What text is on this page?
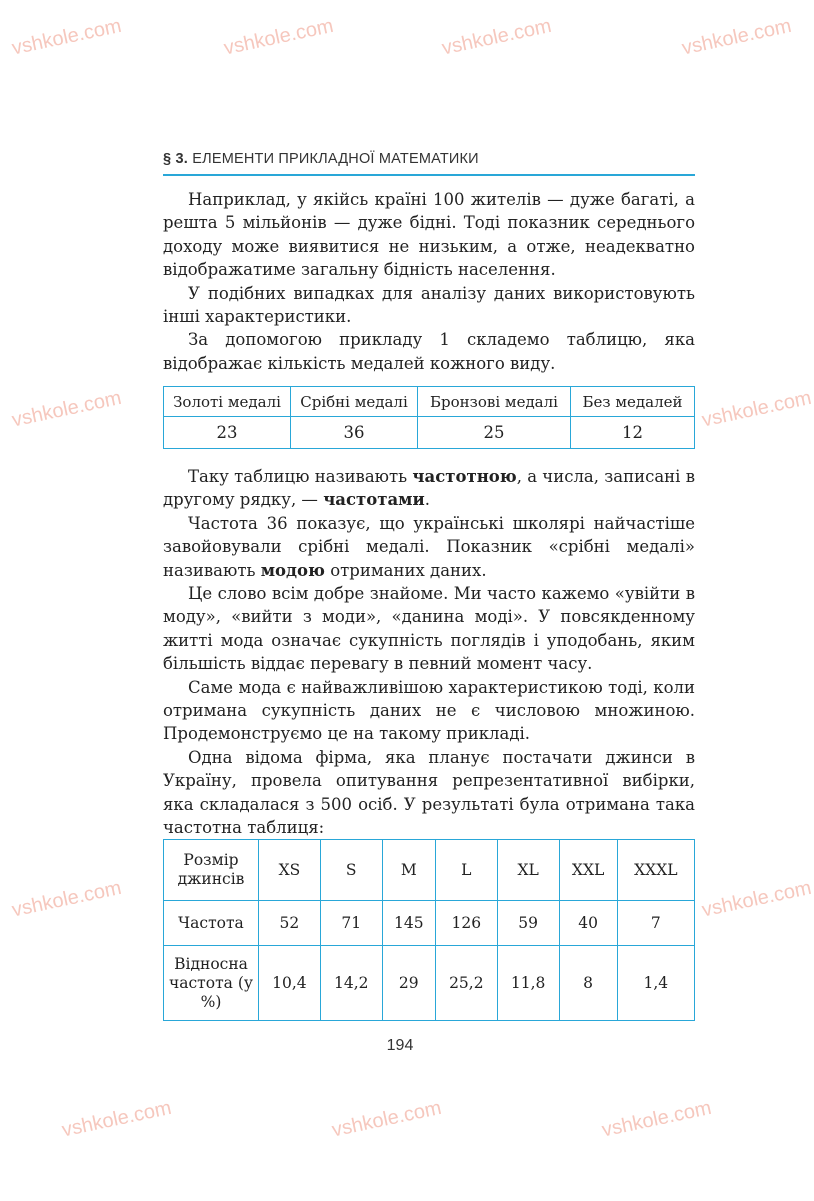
vshkole.com	vshkole.com	vshkole.com	vshkole.com
vshkole.com	vshkole.com
vshkole.com	vshkole.com
vshkole.com	vshkole.com	vshkole.com
§ 3. ЕЛЕМЕНТИ ПРИКЛАДНОЇ МАТЕМАТИКИ

Наприклад, у якійсь країні 100 жителів — дуже багаті, а решта 5 мільйонів — дуже бідні. Тоді показник середнього доходу може виявитися не низьким, а отже, неадекватно відображатиме загальну бідність населення.

У подібних випадках для аналізу даних використовують інші характеристики.

За допомогою прикладу 1 складемо таблицю, яка відображає кількість медалей кожного виду.

Золоті медалі	Срібні медалі	Бронзові медалі	Без медалей
23	36	25	12

Таку таблицю називають частотною, а числа, записані в другому рядку, — частотами.

Частота 36 показує, що українські школярі найчастіше завойовували срібні медалі. Показник «срібні медалі» називають модою отриманих даних.

Це слово всім добре знайоме. Ми часто кажемо «увійти в моду», «вийти з моди», «данина моді». У повсякденному житті мода означає сукупність поглядів і уподобань, яким більшість віддає перевагу в певний момент часу.

Саме мода є найважливішою характеристикою тоді, коли отримана сукупність даних не є числовою множиною. Продемонструємо це на такому прикладі.

Одна відома фірма, яка планує постачати джинси в Україну, провела опитування репрезентативної вибірки, яка складалася з 500 осіб. У результаті була отримана така частотна таблиця:

Розмір джинсів	XS	S	M	L	XL	XXL	XXXL
Частота	52	71	145	126	59	40	7
Відносна частота (у %)	10,4	14,2	29	25,2	11,8	8	1,4
194
